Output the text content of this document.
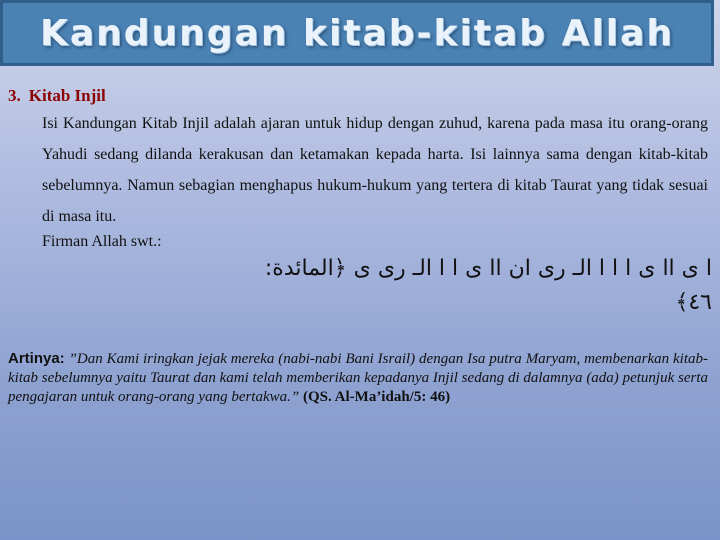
Kandungan kitab-kitab Allah
3. Kitab Injil
Isi Kandungan Kitab Injil adalah ajaran untuk hidup dengan zuhud, karena pada masa itu orang-orang Yahudi sedang dilanda kerakusan dan ketamakan kepada harta. Isi lainnya sama dengan kitab-kitab sebelumnya. Namun sebagian menghapus hukum-hukum yang tertera di kitab Taurat yang tidak sesuai di masa itu.
Firman Allah swt.:
ا ى اا ى ا ا ا الـ رى ان اا ى ا ا الـ رى ى ﴿المائدة:
٤٦﴾
Artinya: ”Dan Kami iringkan jejak mereka (nabi-nabi Bani Israil) dengan Isa putra Maryam, membenarkan kitab-kitab sebelumnya yaitu Taurat dan kami telah memberikan kepadanya Injil sedang di dalamnya (ada) petunjuk serta pengajaran untuk orang-orang yang bertakwa.” (QS. Al-Ma’idah/5: 46)
